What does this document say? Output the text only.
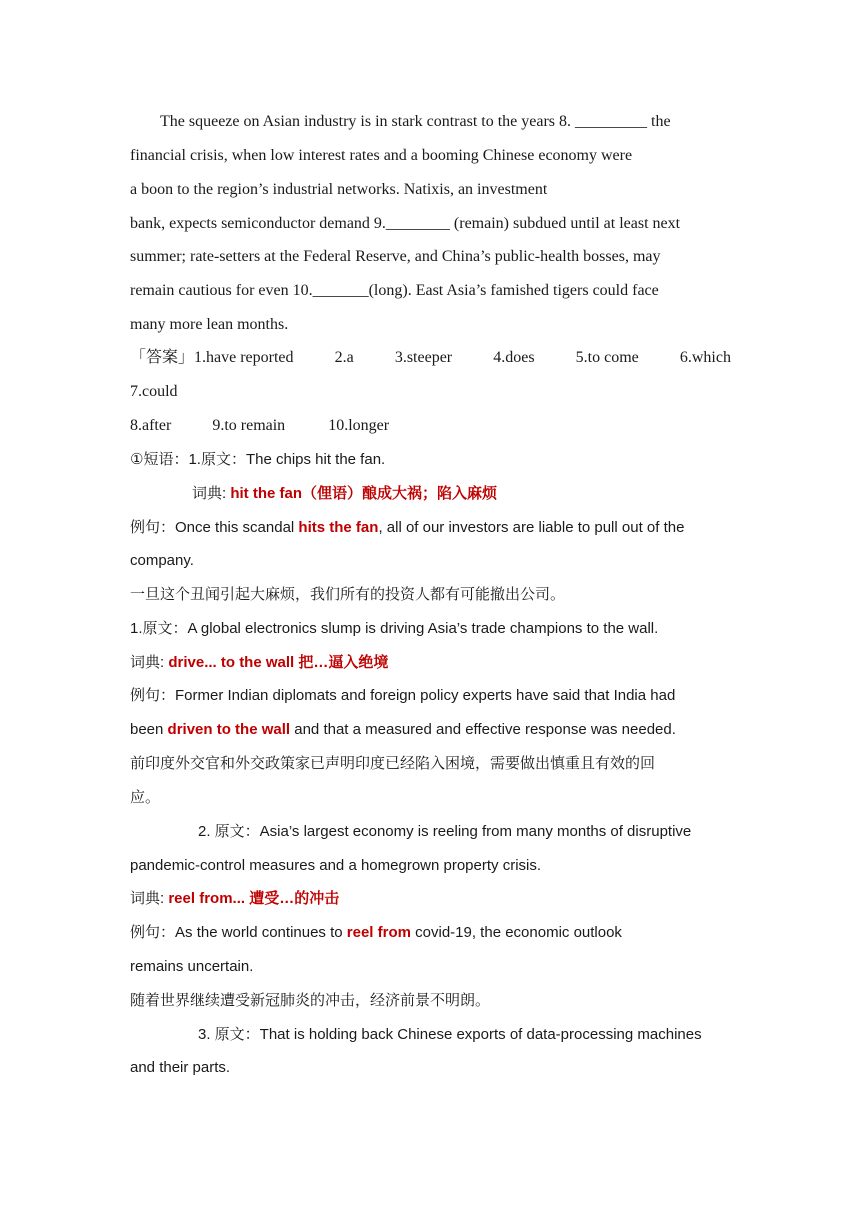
The squeeze on Asian industry is in stark contrast to the years 8. _________ the
financial crisis, when low interest rates and a booming Chinese economy were
a boon to the region’s industrial networks. Natixis, an investment
bank, expects semiconductor demand 9.________ (remain) subdued until at least next
summer; rate-setters at the Federal Reserve, and China’s public-health bosses, may
remain cautious for even 10._______(long). East Asia’s famished tigers could face
many more lean months.
「答案」1.have reported	2.a	3.steeper	4.does	5.to come	6.which
7.could
8.after	9.to remain	10.longer
①短语：1.原文：The chips hit the fan.
词典: hit the fan（俚语）酿成大祸；陷入麻烦
例句：Once this scandal hits the fan, all of our investors are liable to pull out of the
company.
一旦这个丑闻引起大麻烦，我们所有的投资人都有可能撤出公司。
1.原文：A global electronics slump is driving Asia’s trade champions to the wall.
词典: drive... to the wall 把…逼入绝境
例句：Former Indian diplomats and foreign policy experts have said that India had
been driven to the wall and that a measured and effective response was needed.
前印度外交官和外交政策家已声明印度已经陷入困境，需要做出慎重且有效的回
应。
2. 原文：Asia’s largest economy is reeling from many months of disruptive
pandemic-control measures and a homegrown property crisis.
词典: reel from... 遭受…的冲击
例句：As the world continues to reel from covid-19, the economic outlook
remains uncertain.
随着世界继续遭受新冠肺炎的冲击，经济前景不明朗。
3. 原文：That is holding back Chinese exports of data-processing machines
and their parts.
